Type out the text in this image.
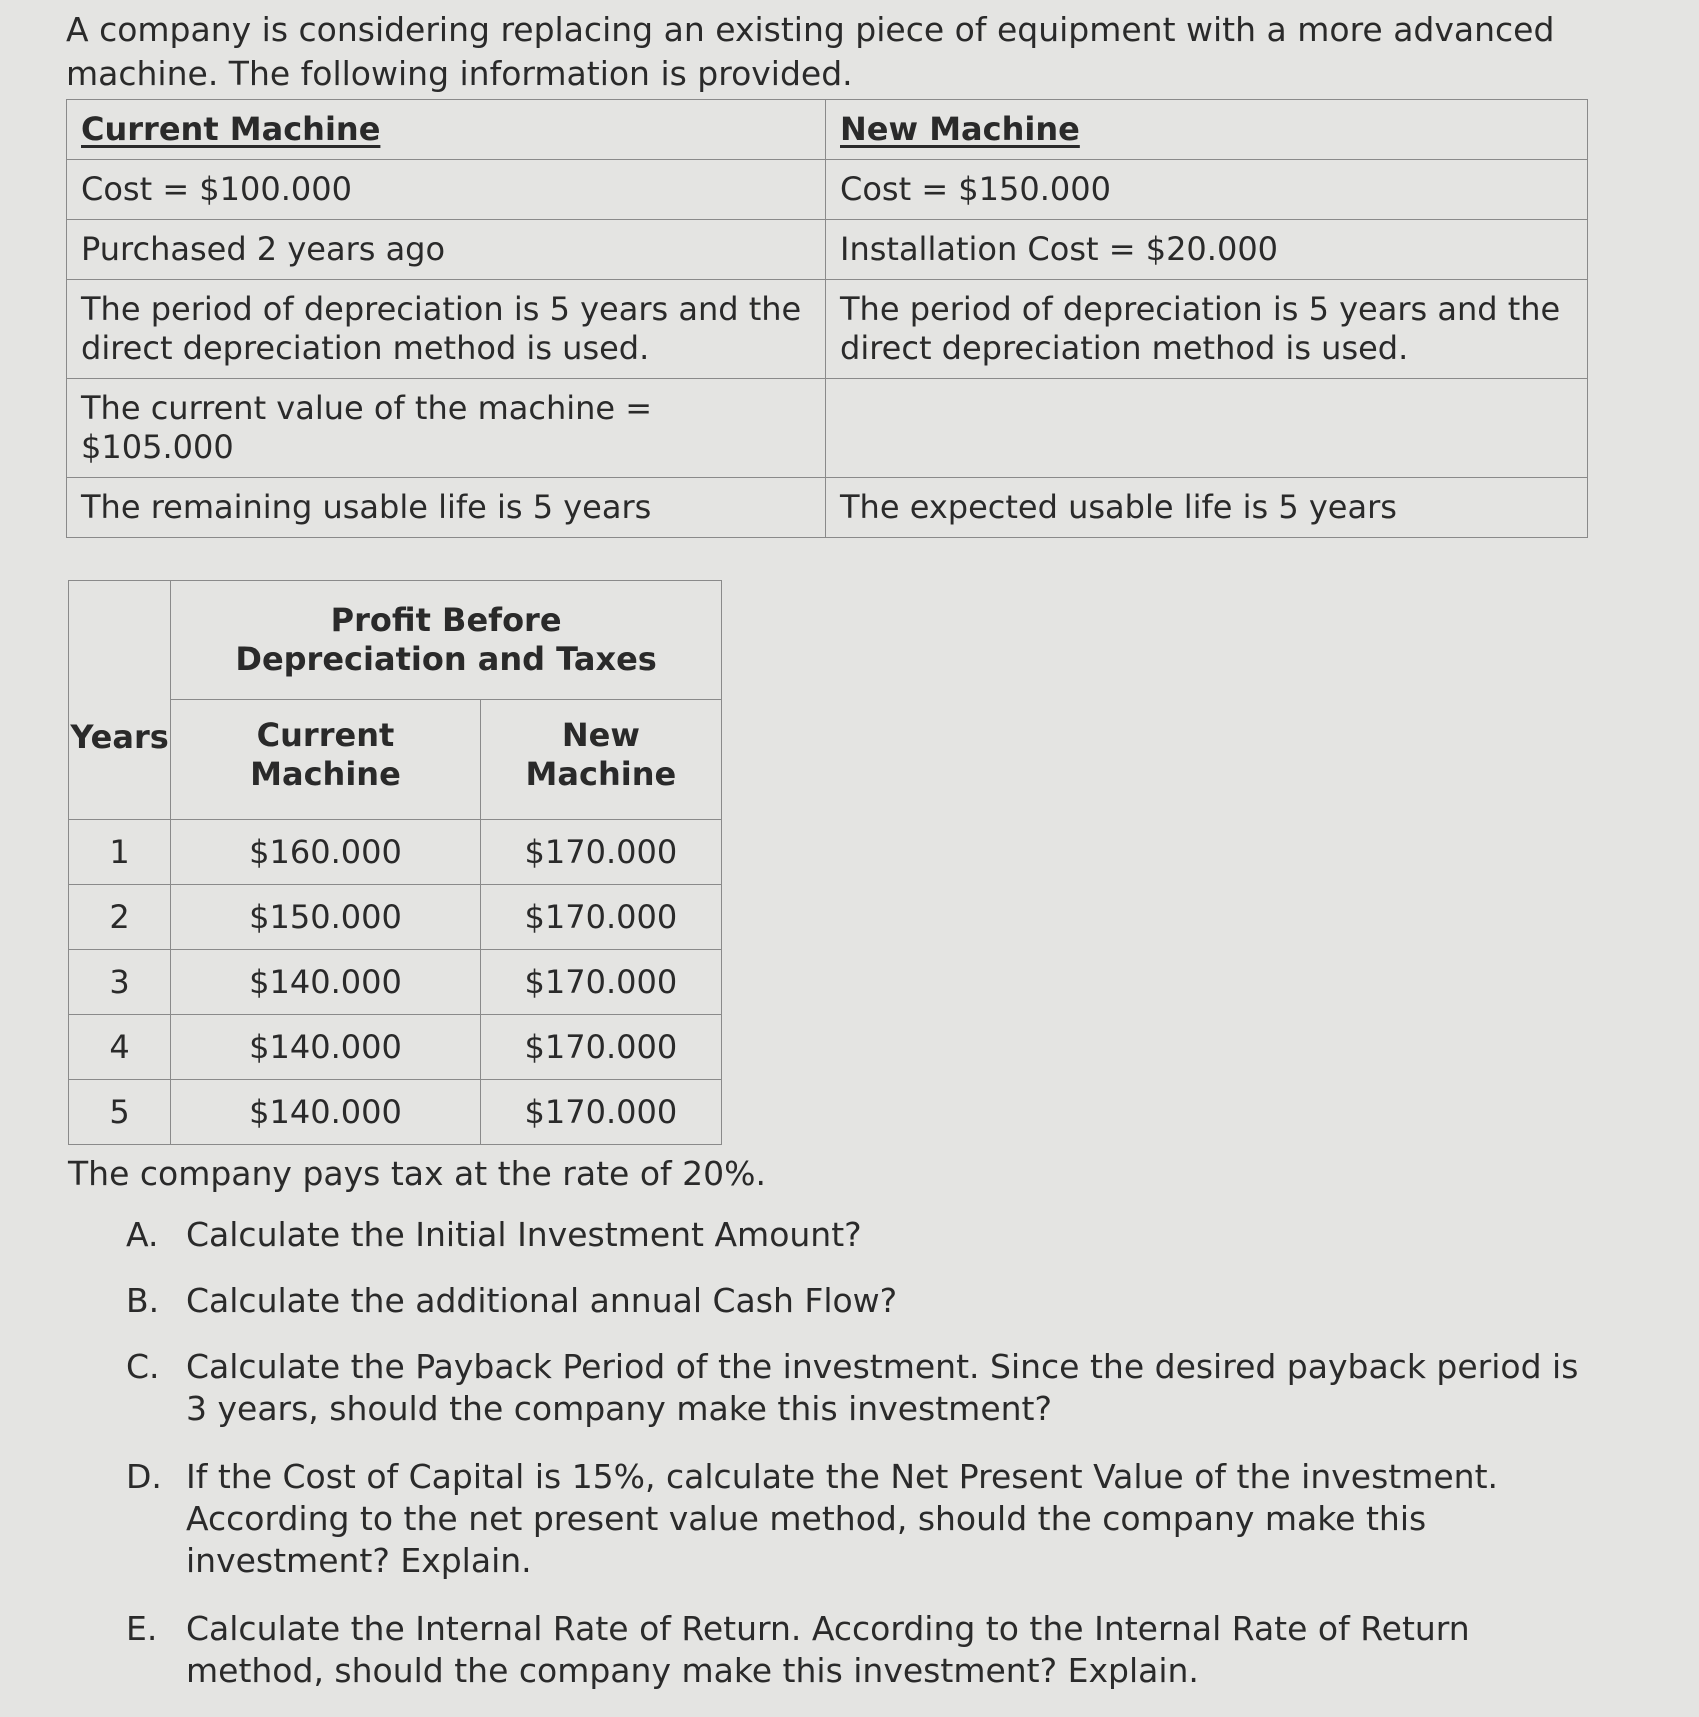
A company is considering replacing an existing piece of equipment with a more advanced machine. The following information is provided.

Current Machine	New Machine
Cost = $100.000	Cost = $150.000
Purchased 2 years ago	Installation Cost = $20.000
The period of depreciation is 5 years and the direct depreciation method is used.	The period of depreciation is 5 years and the direct depreciation method is used.
The current value of the machine = $105.000	
The remaining usable life is 5 years	The expected usable life is 5 years
Years	Profit Before Depreciation and Taxes	
	Current Machine	New Machine
1	$160.000	$170.000
2	$150.000	$170.000
3	$140.000	$170.000
4	$140.000	$170.000
5	$140.000	$170.000

The company pays tax at the rate of 20%.

A. Calculate the Initial Investment Amount?
B. Calculate the additional annual Cash Flow?
C. Calculate the Payback Period of the investment. Since the desired payback period is 3 years, should the company make this investment?
D. If the Cost of Capital is 15%, calculate the Net Present Value of the investment. According to the net present value method, should the company make this investment? Explain.
E. Calculate the Internal Rate of Return. According to the Internal Rate of Return method, should the company make this investment? Explain.
